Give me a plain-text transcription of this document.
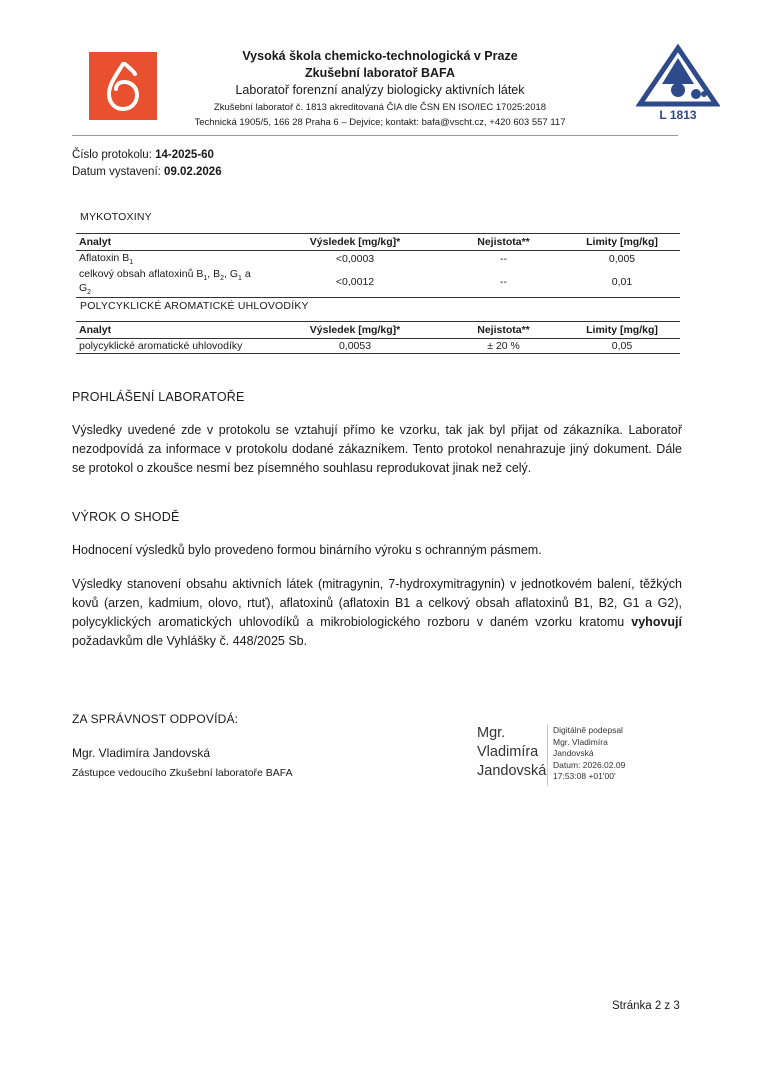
Vysoká škola chemicko-technologická v Praze
Zkušební laboratoř BAFA
Laboratoř forenzní analýzy biologicky aktivních látek
Zkušební laboratoř č. 1813 akreditovaná ČIA dle ČSN EN ISO/IEC 17025:2018
Technická 1905/5, 166 28 Praha 6 – Dejvice; kontakt: bafa@vscht.cz, +420 603 557 117
L 1813
Číslo protokolu: 14-2025-60
Datum vystavení: 09.02.2026
MYKOTOXINY
Analyt	Výsledek [mg/kg]*	Nejistota**	Limity [mg/kg]
Aflatoxin $B_1$	<0,0003	--	0,005
celkový obsah aflatoxinů $B_1$, $B_2$, $G_1$ a $G_2$	<0,0012	--	0,01
POLYCYKLICKÉ AROMATICKÉ UHLOVODÍKY
Analyt	Výsledek [mg/kg]*	Nejistota**	Limity [mg/kg]
polycyklické aromatické uhlovodíky	0,0053	± 20 %	0,05
PROHLÁŠENÍ LABORATOŘE
Výsledky uvedené zde v protokolu se vztahují přímo ke vzorku, tak jak byl přijat od zákazníka. Laboratoř nezodpovídá za informace v protokolu dodané zákazníkem. Tento protokol nenahrazuje jiný dokument. Dále se protokol o zkoušce nesmí bez písemného souhlasu reprodukovat jinak než celý.
VÝROK O SHODĚ
Hodnocení výsledků bylo provedeno formou binárního výroku s ochranným pásmem.
Výsledky stanovení obsahu aktivních látek (mitragynin, 7-hydroxymitragynin) v jednotkovém balení, těžkých kovů (arzen, kadmium, olovo, rtuť), aflatoxinů (aflatoxin B1 a celkový obsah aflatoxinů B1, B2, G1 a G2), polycyklických aromatických uhlovodíků a mikrobiologického rozboru v daném vzorku kratomu vyhovují požadavkům dle Vyhlášky č. 448/2025 Sb.
ZA SPRÁVNOST ODPOVÍDÁ:
Mgr. Vladimíra Jandovská
Zástupce vedoucího Zkušební laboratoře BAFA
Mgr.
Vladimíra
Jandovská
Digitálně podepsal
Mgr. Vladimíra
Jandovská
Datum: 2026.02.09
17:53:08 +01'00'
Stránka 2 z 3
